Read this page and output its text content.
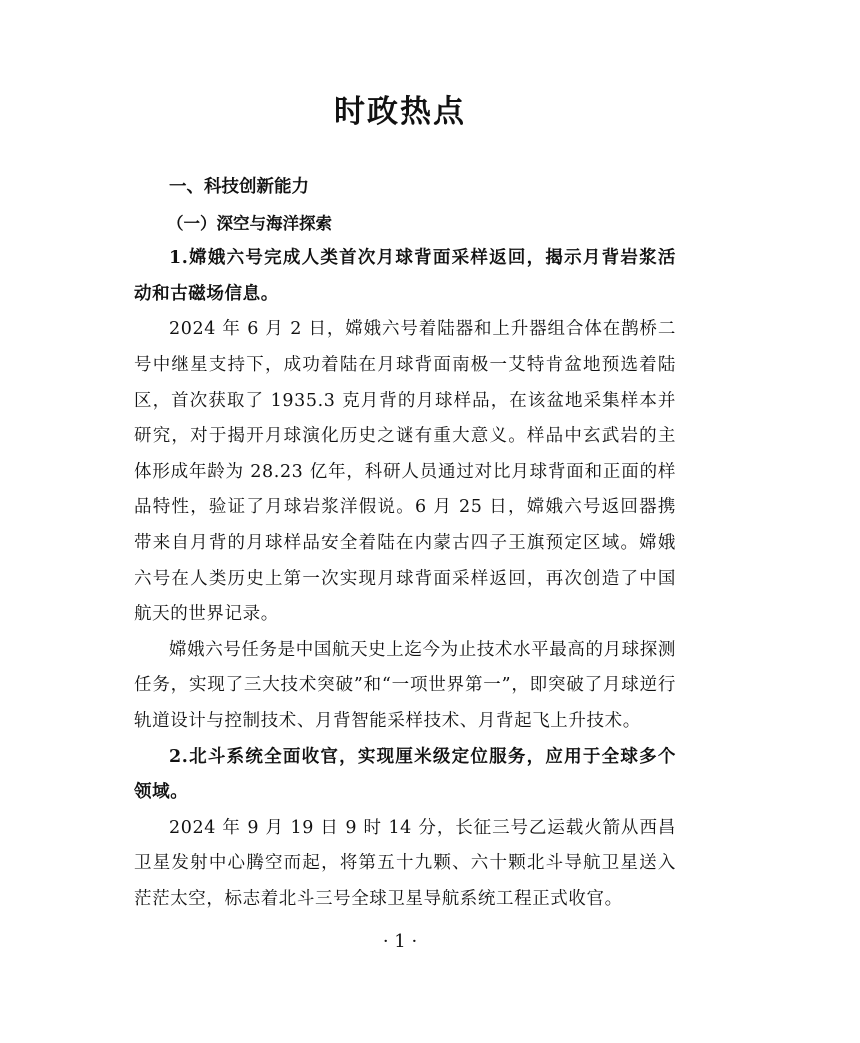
时政热点

一、科技创新能力

（一）深空与海洋探索

1.嫦娥六号完成人类首次月球背面采样返回，揭示月背岩浆活动和古磁场信息。

2024 年 6 月 2 日，嫦娥六号着陆器和上升器组合体在鹊桥二号中继星支持下，成功着陆在月球背面南极一艾特肯盆地预选着陆区，首次获取了 1935.3 克月背的月球样品，在该盆地采集样本并研究，对于揭开月球演化历史之谜有重大意义。样品中玄武岩的主体形成年龄为 28.23 亿年，科研人员通过对比月球背面和正面的样品特性，验证了月球岩浆洋假说。6 月 25 日，嫦娥六号返回器携带来自月背的月球样品安全着陆在内蒙古四子王旗预定区域。嫦娥六号在人类历史上第一次实现月球背面采样返回，再次创造了中国航天的世界记录。

嫦娥六号任务是中国航天史上迄今为止技术水平最高的月球探测任务，实现了三大技术突破”和“一项世界第一”，即突破了月球逆行轨道设计与控制技术、月背智能采样技术、月背起飞上升技术。

2.北斗系统全面收官，实现厘米级定位服务，应用于全球多个领域。

2024 年 9 月 19 日 9 时 14 分，长征三号乙运载火箭从西昌卫星发射中心腾空而起，将第五十九颗、六十颗北斗导航卫星送入茫茫太空，标志着北斗三号全球卫星导航系统工程正式收官。

· 1 ·
